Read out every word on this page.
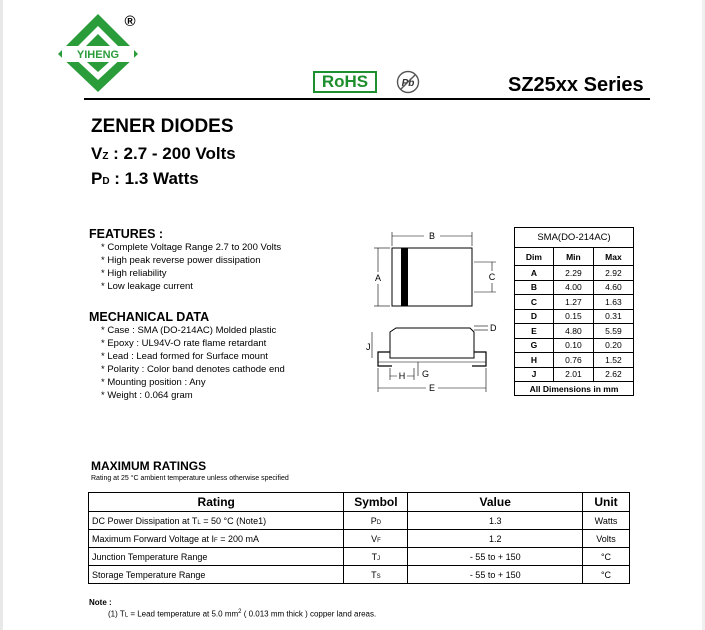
YIHENG
®
RoHS	Pb	SZ25xx Series
ZENER DIODES
VZ : 2.7 - 200 Volts
PD : 1.3 Watts
FEATURES :
* Complete Voltage Range 2.7 to 200 Volts
* High peak reverse power dissipation
* High reliability
* Low leakage current
MECHANICAL DATA
* Case : SMA (DO-214AC) Molded plastic
* Epoxy : UL94V-O rate flame retardant
* Lead : Lead formed for Surface mount
* Polarity : Color band denotes cathode end
* Mounting position : Any
* Weight : 0.064 gram
B
A	C
D
J
H G
E
SMA(DO-214AC)		
Dim	Min	Max
A	2.29	2.92
B	4.00	4.60
C	1.27	1.63
D	0.15	0.31
E	4.80	5.59
G	0.10	0.20
H	0.76	1.52
J	2.01	2.62
All Dimensions in mm		
MAXIMUM RATINGS
Rating at 25 °C ambient temperature unless otherwise specified
Rating	Symbol	Value	Unit
DC Power Dissipation at TL = 50 °C (Note1)	PD	1.3	Watts
Maximum Forward Voltage at IF = 200 mA	VF	1.2	Volts
Junction Temperature Range	TJ	- 55 to + 150	°C
Storage Temperature Range	TS	- 55 to + 150	°C
Note :
(1) TL = Lead temperature at 5.0 $mm^2$ ( 0.013 mm thick ) copper land areas.
